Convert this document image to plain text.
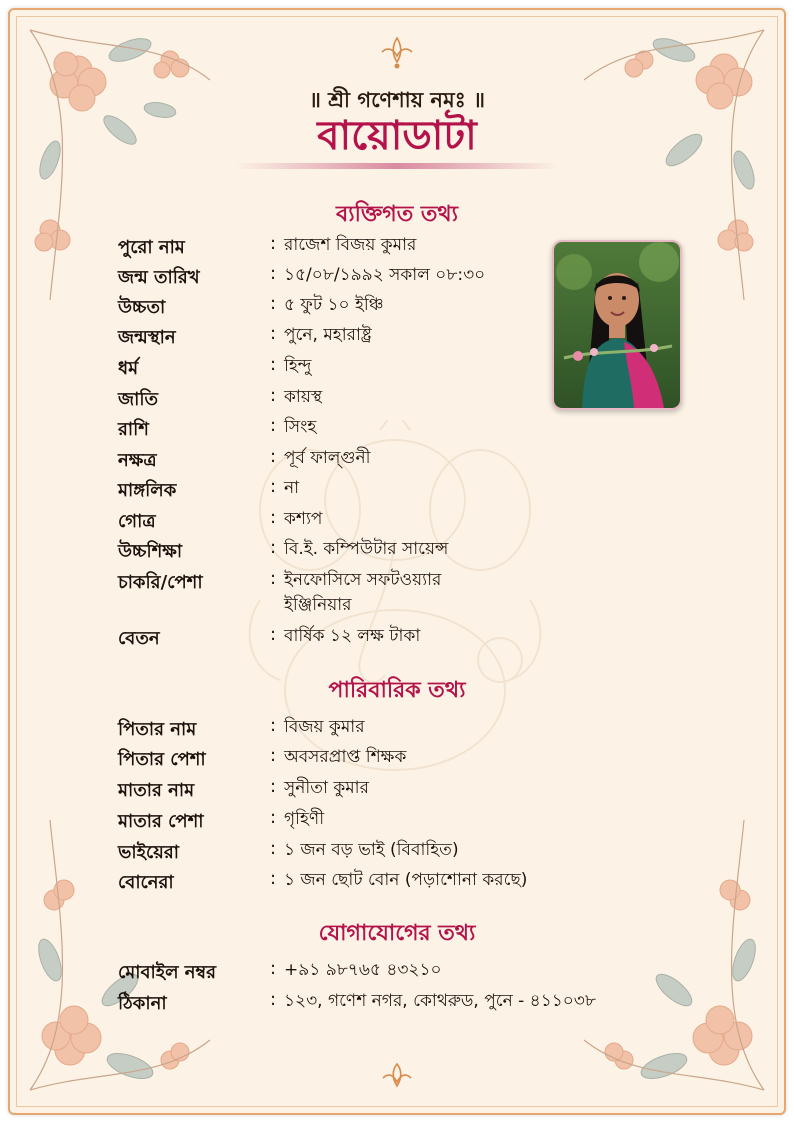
॥ শ্রী গণেশায় নমঃ ॥
বায়োডাটা
ব্যক্তিগত তথ্য
পুরো নাম	: রাজেশ বিজয় কুমার
জন্ম তারিখ	: ১৫/০৮/১৯৯২ সকাল ০৮:৩০
উচ্চতা	: ৫ ফুট ১০ ইঞ্চি
জন্মস্থান	: পুনে, মহারাষ্ট্র
ধর্ম	: হিন্দু
জাতি	: কায়স্থ
রাশি	: সিংহ
নক্ষত্র	: পূর্ব ফাল্গুনী
মাঙ্গলিক	: না
গোত্র	: কশ্যপ
উচ্চশিক্ষা	: বি.ই. কম্পিউটার সায়েন্স
চাকরি/পেশা	: ইনফোসিসে সফটওয়্যার ইঞ্জিনিয়ার
বেতন	: বার্ষিক ১২ লক্ষ টাকা
পারিবারিক তথ্য
পিতার নাম	: বিজয় কুমার
পিতার পেশা	: অবসরপ্রাপ্ত শিক্ষক
মাতার নাম	: সুনীতা কুমার
মাতার পেশা	: গৃহিণী
ভাইয়েরা	: ১ জন বড় ভাই (বিবাহিত)
বোনেরা	: ১ জন ছোট বোন (পড়াশোনা করছে)
যোগাযোগের তথ্য
মোবাইল নম্বর	: +৯১ ৯৮৭৬৫ ৪৩২১০
ঠিকানা	: ১২৩, গণেশ নগর, কোথরুড, পুনে - ৪১১০৩৮
